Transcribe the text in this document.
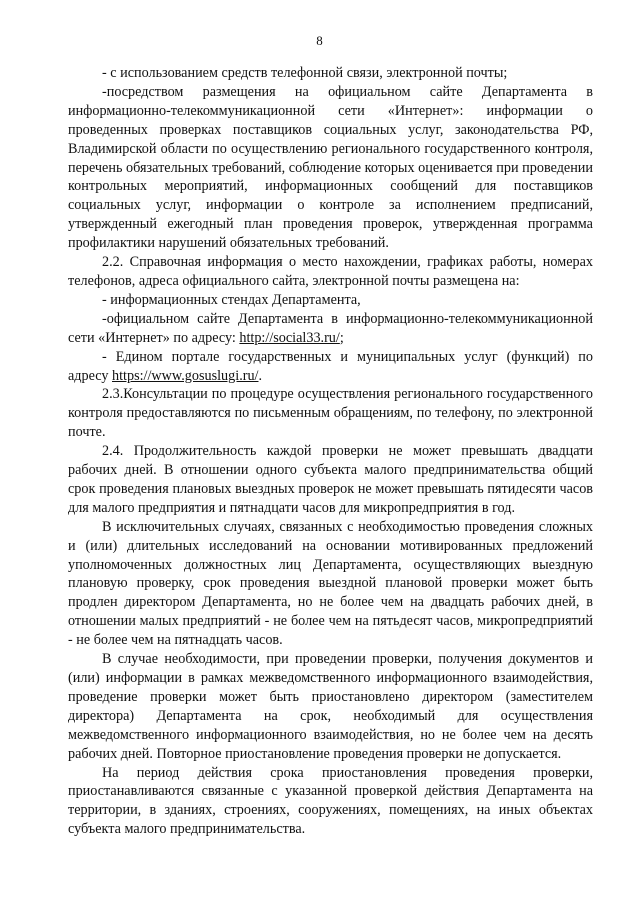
8

- с использованием средств телефонной связи, электронной почты;

-посредством размещения на официальном сайте Департамента в информационно-телекоммуникационной сети «Интернет»: информации о проведенных проверках поставщиков социальных услуг, законодательства РФ, Владимирской области по осуществлению регионального государственного контроля, перечень обязательных требований, соблюдение которых оценивается при проведении контрольных мероприятий, информационных сообщений для поставщиков социальных услуг, информации о контроле за исполнением предписаний, утвержденный ежегодный план проведения проверок, утвержденная программа профилактики нарушений обязательных требований.

2.2. Справочная информация о место нахождении, графиках работы, номерах телефонов, адреса официального сайта, электронной почты размещена на:

- информационных стендах Департамента,

-официальном сайте Департамента в информационно-телекоммуникационной сети «Интернет» по адресу: http://social33.ru/;

- Едином портале государственных и муниципальных услуг (функций) по адресу https://www.gosuslugi.ru/.

2.3.Консультации по процедуре осуществления регионального государственного контроля предоставляются по письменным обращениям, по телефону, по электронной почте.

2.4. Продолжительность каждой проверки не может превышать двадцати рабочих дней. В отношении одного субъекта малого предпринимательства общий срок проведения плановых выездных проверок не может превышать пятидесяти часов для малого предприятия и пятнадцати часов для микропредприятия в год.

В исключительных случаях, связанных с необходимостью проведения сложных и (или) длительных исследований на основании мотивированных предложений уполномоченных должностных лиц Департамента, осуществляющих выездную плановую проверку, срок проведения выездной плановой проверки может быть продлен директором Департамента, но не более чем на двадцать рабочих дней, в отношении малых предприятий - не более чем на пятьдесят часов, микропредприятий - не более чем на пятнадцать часов.

В случае необходимости, при проведении проверки, получения документов и (или) информации в рамках межведомственного информационного взаимодействия, проведение проверки может быть приостановлено директором (заместителем директора) Департамента на срок, необходимый для осуществления межведомственного информационного взаимодействия, но не более чем на десять рабочих дней. Повторное приостановление проведения проверки не допускается.

На период действия срока приостановления проведения проверки, приостанавливаются связанные с указанной проверкой действия Департамента на территории, в зданиях, строениях, сооружениях, помещениях, на иных объектах субъекта малого предпринимательства.
